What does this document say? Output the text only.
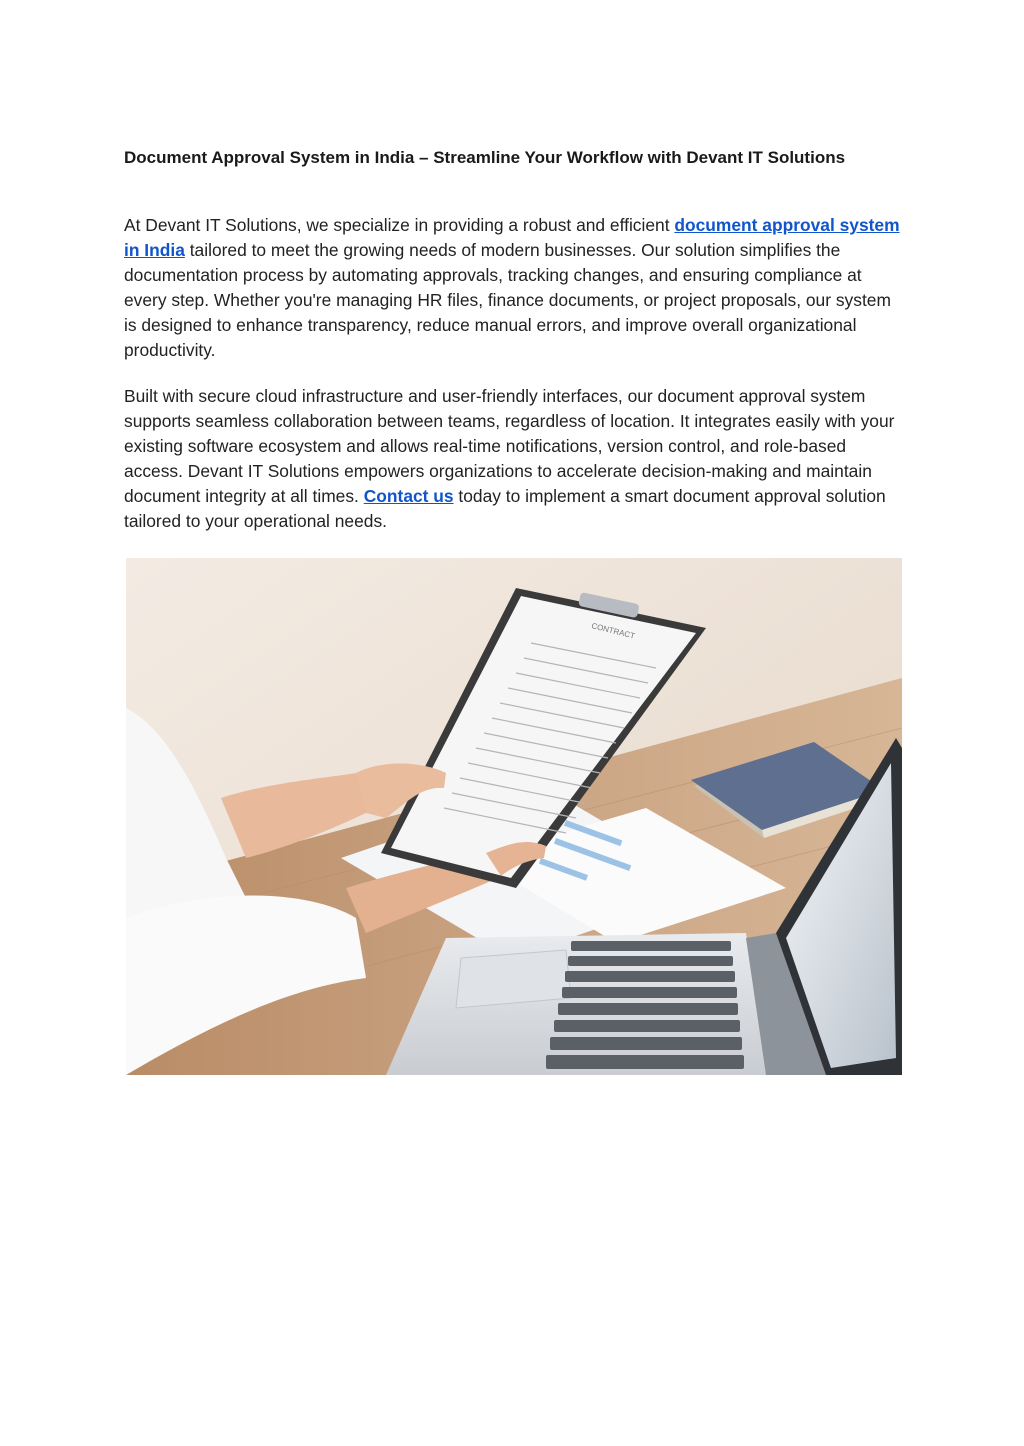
Document Approval System in India – Streamline Your Workflow with Devant IT Solutions

At Devant IT Solutions, we specialize in providing a robust and efficient document approval system in India tailored to meet the growing needs of modern businesses. Our solution simplifies the documentation process by automating approvals, tracking changes, and ensuring compliance at every step. Whether you're managing HR files, finance documents, or project proposals, our system is designed to enhance transparency, reduce manual errors, and improve overall organizational productivity.

Built with secure cloud infrastructure and user-friendly interfaces, our document approval system supports seamless collaboration between teams, regardless of location. It integrates easily with your existing software ecosystem and allows real-time notifications, version control, and role-based access. Devant IT Solutions empowers organizations to accelerate decision-making and maintain document integrity at all times. Contact us today to implement a smart document approval solution tailored to your operational needs.

CONTRACT
